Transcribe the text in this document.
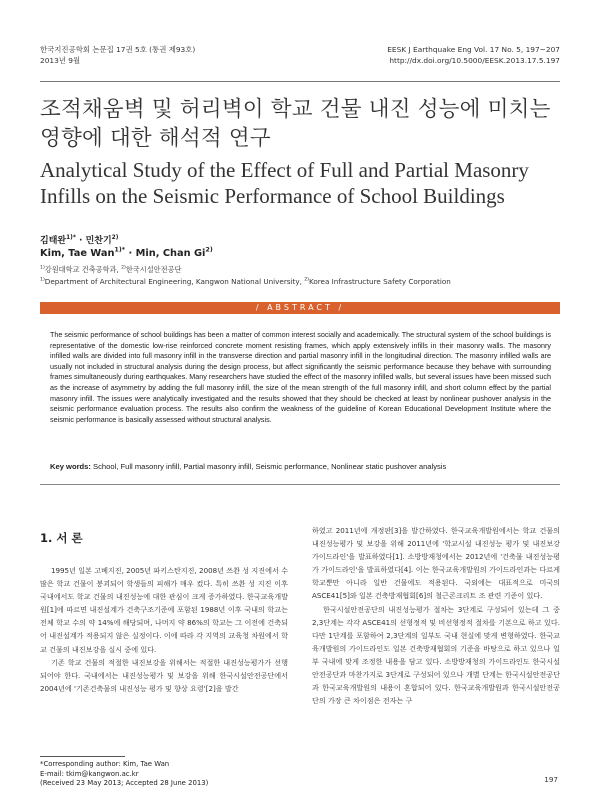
한국지진공학회 논문집 17권 5호 (통권 제93호)
2013년 9월
EESK J Earthquake Eng Vol. 17 No. 5, 197~207
http://dx.doi.org/10.5000/EESK.2013.17.5.197
조적채움벽 및 허리벽이 학교 건물 내진 성능에 미치는 영향에 대한 해석적 연구
Analytical Study of the Effect of Full and Partial Masonry Infills on the Seismic Performance of School Buildings
김태완$^{1)*}$ · 민찬기$^{2)}$
Kim, Tae Wan$^{1)*}$ · Min, Chan Gi$^{2)}$
$^{1)}$강원대학교 건축공학과, $^{2)}$한국시설안전공단
$^{1)}$Department of Architectural Engineering, Kangwon National University, $^{2)}$Korea Infrastructure Safety Corporation
/ ABSTRACT /

The seismic performance of school buildings has been a matter of common interest socially and academically. The structural system of the school buildings is representative of the domestic low-rise reinforced concrete moment resisting frames, which apply extensively infills in their masonry walls. The masonry infilled walls are divided into full masonry infill in the transverse direction and partial masonry infill in the longitudinal direction. The masonry infilled walls are usually not included in structural analysis during the design process, but affect significantly the seismic performance because they behave with surrounding frames simultaneously during earthquakes. Many researchers have studied the effect of the masonry infilled walls, but several issues have been missed such as the increase of asymmetry by adding the full masonry infill, the size of the mean strength of the full masonry infill, and short column effect by the partial masonry infill. The issues were analytically investigated and the results showed that they should be checked at least by nonlinear pushover analysis in the seismic performance evaluation process. The results also confirm the weakness of the guideline of Korean Educational Development Institute where the seismic performance is basically assessed without structural analysis.

Key words: School, Full masonry infill, Partial masonry infill, Seismic performance, Nonlinear static pushover analysis
1. 서 론

1995년 일본 고베지진, 2005년 파키스탄지진, 2008년 쓰촨 성 지진에서 수많은 학교 건물이 붕괴되어 학생들의 피해가 매우 컸다. 특히 쓰촨 성 지진 이후 국내에서도 학교 건물의 내진성능에 대한 관심이 크게 증가하였다. 한국교육개발원[1]에 따르면 내진설계가 건축구조기준에 포함된 1988년 이후 국내의 학교는 전체 학교 수의 약 14%에 해당되며, 나머지 약 86%의 학교는 그 이전에 건축되어 내진설계가 적용되지 않은 실정이다. 이에 따라 각 지역의 교육청 차원에서 학교 건물의 내진보강을 실시 중에 있다.

기존 학교 건물의 적절한 내진보강을 위해서는 적절한 내진성능평가가 선행되어야 한다. 국내에서는 내진성능평가 및 보강을 위해 한국시설안전공단에서 2004년에 '기존건축물의 내진성능 평가 및 향상 요령'[2]을 발간

하였고 2011년에 개정판[3]을 발간하였다. 한국교육개발원에서는 학교 건물의 내진성능평가 및 보강을 위해 2011년에 '학교시설 내진성능 평가 및 내진보강 가이드라인'을 발표하였다[1]. 소방방재청에서는 2012년에 '건축물 내진성능평가 가이드라인'을 발표하였다[4]. 이는 한국교육개발원의 가이드라인과는 다르게 학교뿐만 아니라 일반 건물에도 적용된다. 국외에는 대표적으로 미국의 ASCE41[5]와 일본 건축방재협회[6]의 철근콘크리트 조 관련 기준이 있다.

한국시설안전공단의 내진성능평가 절차는 3단계로 구성되어 있는데 그 중 2,3단계는 각각 ASCE41의 선형정적 및 비선형정적 절차를 기본으로 하고 있다. 다만 1단계를 포함하여 2,3단계의 일부도 국내 현실에 맞게 변형하였다. 한국교육개발원의 가이드라인도 일본 건축방재협회의 기준을 바탕으로 하고 있으나 일부 국내에 맞게 조정한 내용을 담고 있다. 소방방재청의 가이드라인도 한국시설안전공단과 마찬가지로 3단계로 구성되어 있으나 개별 단계는 한국시설안전공단과 한국교육개발원의 내용이 혼합되어 있다. 한국교육개발원과 한국시설안전공단의 가장 큰 차이점은 전자는 구

*Corresponding author: Kim, Tae Wan
E-mail: tkim@kangwon.ac.kr
(Received 23 May 2013; Accepted 28 June 2013)	197
